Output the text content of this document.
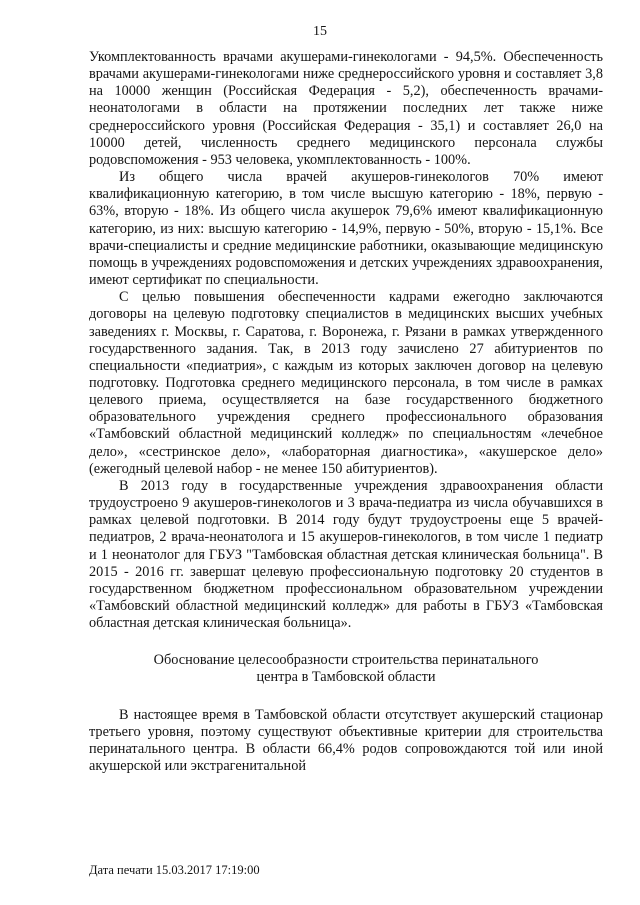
15

Укомплектованность врачами акушерами-гинекологами - 94,5%. Обеспеченность врачами акушерами-гинекологами ниже среднероссийского уровня и составляет 3,8 на 10000 женщин (Российская Федерация - 5,2), обеспеченность врачами-неонатологами в области на протяжении последних лет также ниже среднероссийского уровня (Российская Федерация - 35,1) и составляет 26,0 на 10000 детей, численность среднего медицинского персонала службы родовспоможения - 953 человека, укомплектованность - 100%.

Из общего числа врачей акушеров-гинекологов 70% имеют квалификационную категорию, в том числе высшую категорию - 18%, первую - 63%, вторую - 18%. Из общего числа акушерок 79,6% имеют квалификационную категорию, из них: высшую категорию - 14,9%, первую - 50%, вторую - 15,1%. Все врачи-специалисты и средние медицинские работники, оказывающие медицинскую помощь в учреждениях родовспоможения и детских учреждениях здравоохранения, имеют сертификат по специальности.

С целью повышения обеспеченности кадрами ежегодно заключаются договоры на целевую подготовку специалистов в медицинских высших учебных заведениях г. Москвы, г. Саратова, г. Воронежа, г. Рязани в рамках утвержденного государственного задания. Так, в 2013 году зачислено 27 абитуриентов по специальности «педиатрия», с каждым из которых заключен договор на целевую подготовку. Подготовка среднего медицинского персонала, в том числе в рамках целевого приема, осуществляется на базе государственного бюджетного образовательного учреждения среднего профессионального образования «Тамбовский областной медицинский колледж» по специальностям «лечебное дело», «сестринское дело», «лабораторная диагностика», «акушерское дело» (ежегодный целевой набор - не менее 150 абитуриентов).

В 2013 году в государственные учреждения здравоохранения области трудоустроено 9 акушеров-гинекологов и 3 врача-педиатра из числа обучавшихся в рамках целевой подготовки. В 2014 году будут трудоустроены еще 5 врачей-педиатров, 2 врача-неонатолога и 15 акушеров-гинекологов, в том числе 1 педиатр и 1 неонатолог для ГБУЗ "Тамбовская областная детская клиническая больница". В 2015 - 2016 гг. завершат целевую профессиональную подготовку 20 студентов в государственном бюджетном профессиональном образовательном учреждении «Тамбовский областной медицинский колледж» для работы в ГБУЗ «Тамбовская областная детская клиническая больница».

Обоснование целесообразности строительства перинатального
центра в Тамбовской области

В настоящее время в Тамбовской области отсутствует акушерский стационар третьего уровня, поэтому существуют объективные критерии для строительства перинатального центра. В области 66,4% родов сопровождаются той или иной акушерской или экстрагенитальной

Дата печати 15.03.2017 17:19:00
